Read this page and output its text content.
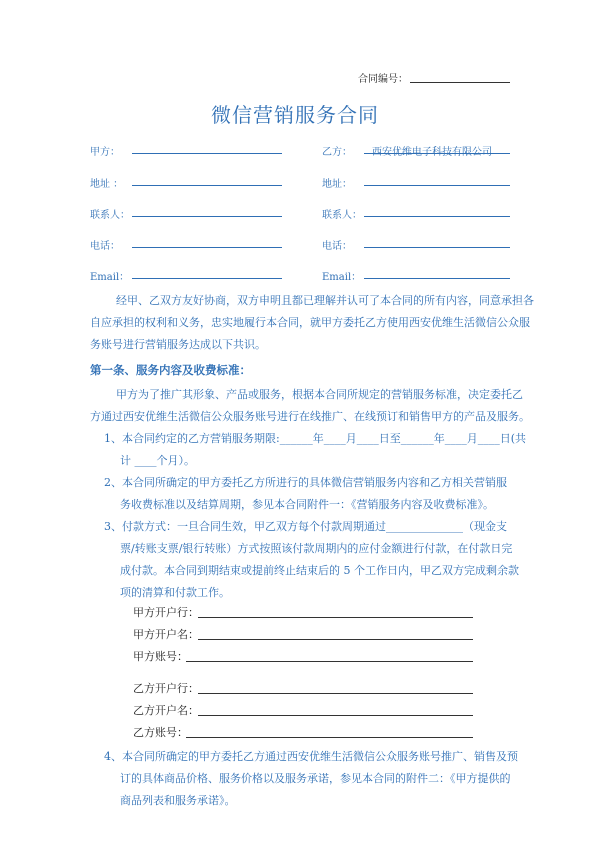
合同编号：
微信营销服务合同
甲方：	乙方： 西安优维电子科技有限公司
地址 ：	地址：
联系人：	联系人：
电话：	电话：
Email：	Email：
经甲、乙双方友好协商，双方申明且都已理解并认可了本合同的所有内容，同意承担各
自应承担的权利和义务，忠实地履行本合同，就甲方委托乙方使用西安优维生活微信公众服
务账号进行营销服务达成以下共识。
第一条、服务内容及收费标准：
甲方为了推广其形象、产品或服务，根据本合同所规定的营销服务标准，决定委托乙
方通过西安优维生活微信公众服务账号进行在线推广、在线预订和销售甲方的产品及服务。
1、本合同约定的乙方营销服务期限:______年____月____日至______年____月____日(共
计 ____个月）。
2、本合同所确定的甲方委托乙方所进行的具体微信营销服务内容和乙方相关营销服
务收费标准以及结算周期，参见本合同附件一：《营销服务内容及收费标准》。
3、付款方式：一旦合同生效，甲乙双方每个付款周期通过______________（现金支
票/转账支票/银行转账）方式按照该付款周期内的应付金额进行付款，在付款日完
成付款。本合同到期结束或提前终止结束后的 5 个工作日内，甲乙双方完成剩余款
项的清算和付款工作。
甲方开户行：
甲方开户名：
甲方账号：
乙方开户行：
乙方开户名：
乙方账号：
4、本合同所确定的甲方委托乙方通过西安优维生活微信公众服务账号推广、销售及预
订的具体商品价格、服务价格以及服务承诺，参见本合同的附件二：《甲方提供的
商品列表和服务承诺》。
